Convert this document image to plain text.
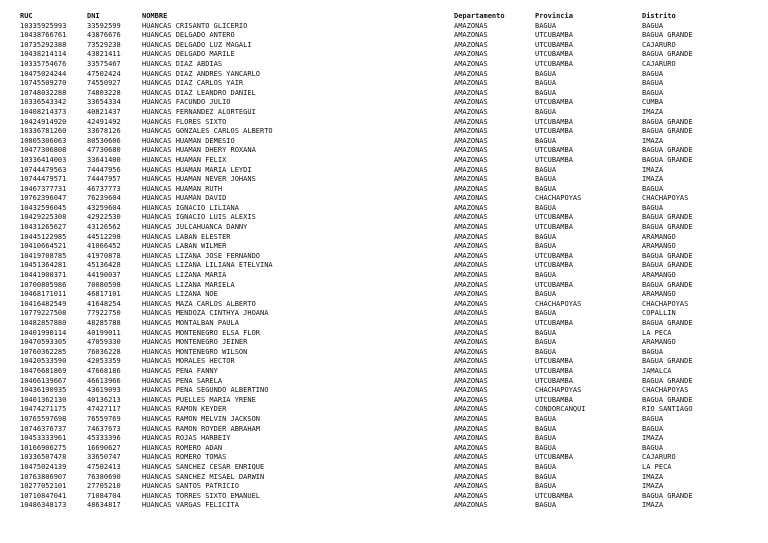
RUC	DNI	NOMBRE	Departamento	Provincia	Distrito
10335925993	33592599	HUANCAS CRISANTO GLICERIO	AMAZONAS	BAGUA	BAGUA
10438766761	43876676	HUANCAS DELGADO ANTERO	AMAZONAS	UTCUBAMBA	BAGUA GRANDE
10735292388	73529238	HUANCAS DELGADO LUZ MAGALI	AMAZONAS	UTCUBAMBA	CAJARURO
10438214114	43821411	HUANCAS DELGADO MARILE	AMAZONAS	UTCUBAMBA	BAGUA GRANDE
10335754676	33575467	HUANCAS DIAZ ABDIAS	AMAZONAS	UTCUBAMBA	CAJARURO
10475024244	47502424	HUANCAS DIAZ ANDRES YANCARLO	AMAZONAS	BAGUA	BAGUA
10745509270	74550927	HUANCAS DIAZ CARLOS YAIR	AMAZONAS	BAGUA	BAGUA
10748032288	74803228	HUANCAS DIAZ LEANDRO DANIEL	AMAZONAS	BAGUA	BAGUA
10336543342	33654334	HUANCAS FACUNDO JULIO	AMAZONAS	UTCUBAMBA	CUMBA
10408214373	40821437	HUANCAS FERNANDEZ ALORTEGUI	AMAZONAS	BAGUA	IMAZA
10424914920	42491492	HUANCAS FLORES SIXTO	AMAZONAS	UTCUBAMBA	BAGUA GRANDE
10336781260	33678126	HUANCAS GONZALES CARLOS ALBERTO	AMAZONAS	UTCUBAMBA	BAGUA GRANDE
10805306063	80530606	HUANCAS HUAMAN DEMESIO	AMAZONAS	BAGUA	IMAZA
10477306808	47730680	HUANCAS HUAMAN DHERY ROXANA	AMAZONAS	UTCUBAMBA	BAGUA GRANDE
10336414003	33641400	HUANCAS HUAMAN FELIX	AMAZONAS	UTCUBAMBA	BAGUA GRANDE
10744479563	74447956	HUANCAS HUAMAN MARIA LEYDI	AMAZONAS	BAGUA	IMAZA
10744479571	74447957	HUANCAS HUAMAN NEVER JOHANS	AMAZONAS	BAGUA	IMAZA
10467377731	46737773	HUANCAS HUAMAN RUTH	AMAZONAS	BAGUA	BAGUA
10762396047	76239604	HUANCAS HUAMÁN DAVID	AMAZONAS	CHACHAPOYAS	CHACHAPOYAS
10432596045	43259604	HUANCAS IGNACIO LILIANA	AMAZONAS	BAGUA	BAGUA
10429225308	42922530	HUANCAS IGNACIO LUIS ALEXIS	AMAZONAS	UTCUBAMBA	BAGUA GRANDE
10431265627	43126562	HUANCAS JULCAHUANCA DANNY	AMAZONAS	UTCUBAMBA	BAGUA GRANDE
10445122985	44512298	HUANCAS LABAN ELESTER	AMAZONAS	BAGUA	ARAMANGO
10410664521	41066452	HUANCAS LABAN WILMER	AMAZONAS	BAGUA	ARAMANGO
10419708785	41970878	HUANCAS LIZANA JOSE FERNANDO	AMAZONAS	UTCUBAMBA	BAGUA GRANDE
10451364281	45136428	HUANCAS LIZANA LILIANA ETELVINA	AMAZONAS	UTCUBAMBA	BAGUA GRANDE
10441900371	44190037	HUANCAS LIZANA MARIA	AMAZONAS	BAGUA	ARAMANGO
10700805986	70080598	HUANCAS LIZANA MARIELA	AMAZONAS	UTCUBAMBA	BAGUA GRANDE
10468171011	46817101	HUANCAS LIZANA NOE	AMAZONAS	BAGUA	ARAMANGO
10416482549	41648254	HUANCAS MAZA CARLOS ALBERTO	AMAZONAS	CHACHAPOYAS	CHACHAPOYAS
10779227508	77922750	HUANCAS MENDOZA CINTHYA JHOANA	AMAZONAS	BAGUA	COPALLIN
10482857880	48285788	HUANCAS MONTALBAN PAULA	AMAZONAS	UTCUBAMBA	BAGUA GRANDE
10401990114	40199011	HUANCAS MONTENEGRO ELSA FLOR	AMAZONAS	BAGUA	LA PECA
10470593305	47059330	HUANCAS MONTENEGRO JEINER	AMAZONAS	BAGUA	ARAMANGO
10760362285	76036228	HUANCAS MONTENEGRO WILSON	AMAZONAS	BAGUA	BAGUA
10420533590	42053359	HUANCAS MORALES HECTOR	AMAZONAS	UTCUBAMBA	BAGUA GRANDE
10476681869	47668186	HUANCAS PEÑA FANNY	AMAZONAS	UTCUBAMBA	JAMALCA
10466139667	46613966	HUANCAS PEÑA SARELA	AMAZONAS	UTCUBAMBA	BAGUA GRANDE
10436190935	43619093	HUANCAS PEÑA SEGUNDO ALBERTINO	AMAZONAS	CHACHAPOYAS	CHACHAPOYAS
10401362130	40136213	HUANCAS PUELLES MARIA YRENE	AMAZONAS	UTCUBAMBA	BAGUA GRANDE
10474271175	47427117	HUANCAS RAMON KEYDER	AMAZONAS	CONDORCANQUI	RIO SANTIAGO
10765597698	76559769	HUANCAS RAMON MELVIN JACKSON	AMAZONAS	BAGUA	BAGUA
10746376737	74637673	HUANCAS RAMON ROYDER ABRAHAM	AMAZONAS	BAGUA	BAGUA
10453333961	45333396	HUANCAS ROJAS HARBEIY	AMAZONAS	BAGUA	IMAZA
10166906275	16690627	HUANCAS ROMERO ADAN	AMAZONAS	BAGUA	BAGUA
10336507478	33650747	HUANCAS ROMERO TOMAS	AMAZONAS	UTCUBAMBA	CAJARURO
10475024139	47502413	HUANCAS SANCHEZ CESAR ENRIQUE	AMAZONAS	BAGUA	LA PECA
10763806907	76380690	HUANCAS SANCHEZ MISAEL DARWIN	AMAZONAS	BAGUA	IMAZA
10277052101	27705210	HUANCAS SANTOS PATRICIO	AMAZONAS	BAGUA	IMAZA
10710847041	71084704	HUANCAS TORRES SIXTO EMANUEL	AMAZONAS	UTCUBAMBA	BAGUA GRANDE
10486348173	48634817	HUANCAS VARGAS FELICITA	AMAZONAS	BAGUA	IMAZA
